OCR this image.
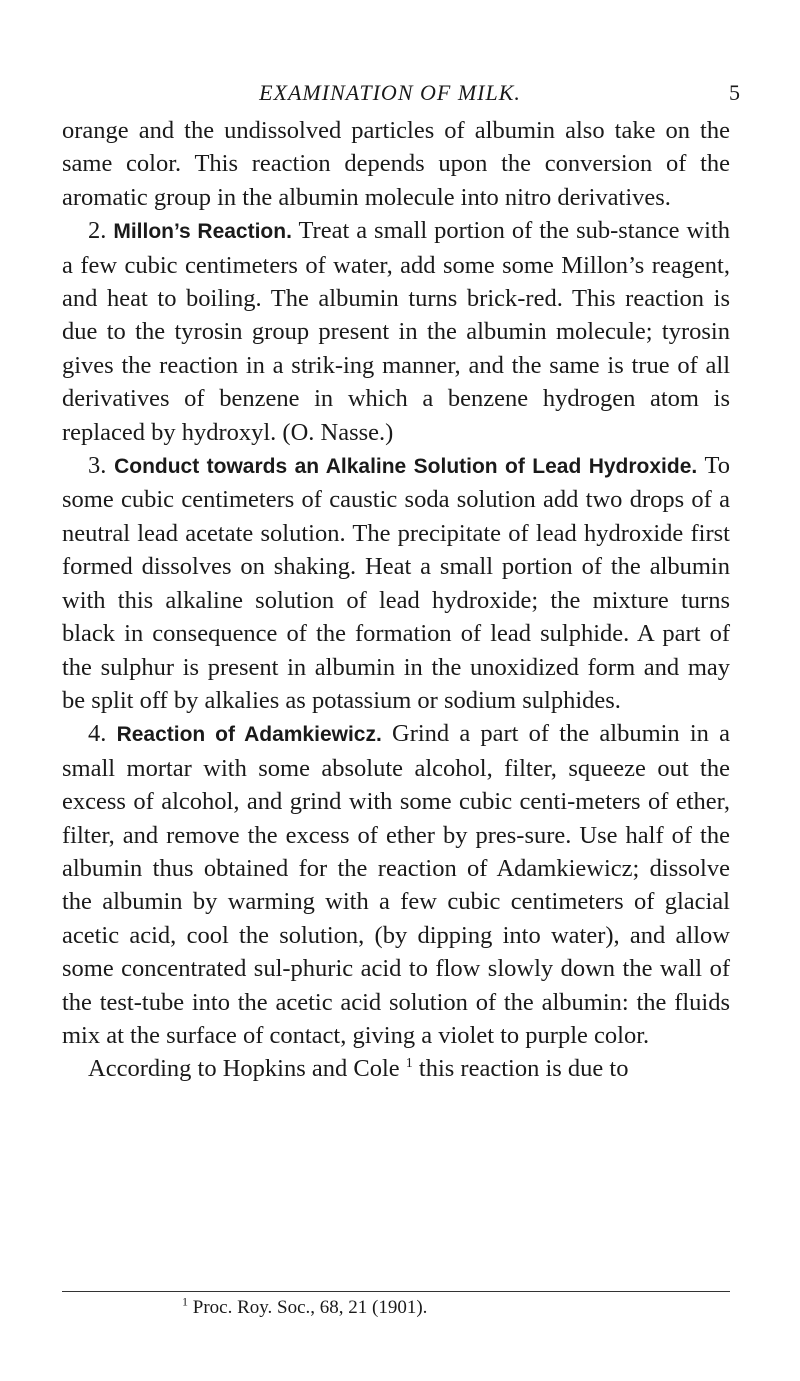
EXAMINATION OF MILK.	5

orange and the undissolved particles of albumin also take on the same color. This reaction depends upon the conversion of the aromatic group in the albumin molecule into nitro derivatives.

2. Millon’s Reaction. Treat a small portion of the sub-stance with a few cubic centimeters of water, add some some Millon’s reagent, and heat to boiling. The albumin turns brick-red. This reaction is due to the tyrosin group present in the albumin molecule; tyrosin gives the reaction in a strik-ing manner, and the same is true of all derivatives of benzene in which a benzene hydrogen atom is replaced by hydroxyl. (O. Nasse.)

3. Conduct towards an Alkaline Solution of Lead Hydroxide. To some cubic centimeters of caustic soda solution add two drops of a neutral lead acetate solution. The precipitate of lead hydroxide first formed dissolves on shaking. Heat a small portion of the albumin with this alkaline solution of lead hydroxide; the mixture turns black in consequence of the formation of lead sulphide. A part of the sulphur is present in albumin in the unoxidized form and may be split off by alkalies as potassium or sodium sulphides.

4. Reaction of Adamkiewicz. Grind a part of the albumin in a small mortar with some absolute alcohol, filter, squeeze out the excess of alcohol, and grind with some cubic centi-meters of ether, filter, and remove the excess of ether by pres-sure. Use half of the albumin thus obtained for the reaction of Adamkiewicz; dissolve the albumin by warming with a few cubic centimeters of glacial acetic acid, cool the solution, (by dipping into water), and allow some concentrated sul-phuric acid to flow slowly down the wall of the test-tube into the acetic acid solution of the albumin: the fluids mix at the surface of contact, giving a violet to purple color.

According to Hopkins and Cole $^1$ this reaction is due to

$^1$ Proc. Roy. Soc., 68, 21 (1901).
